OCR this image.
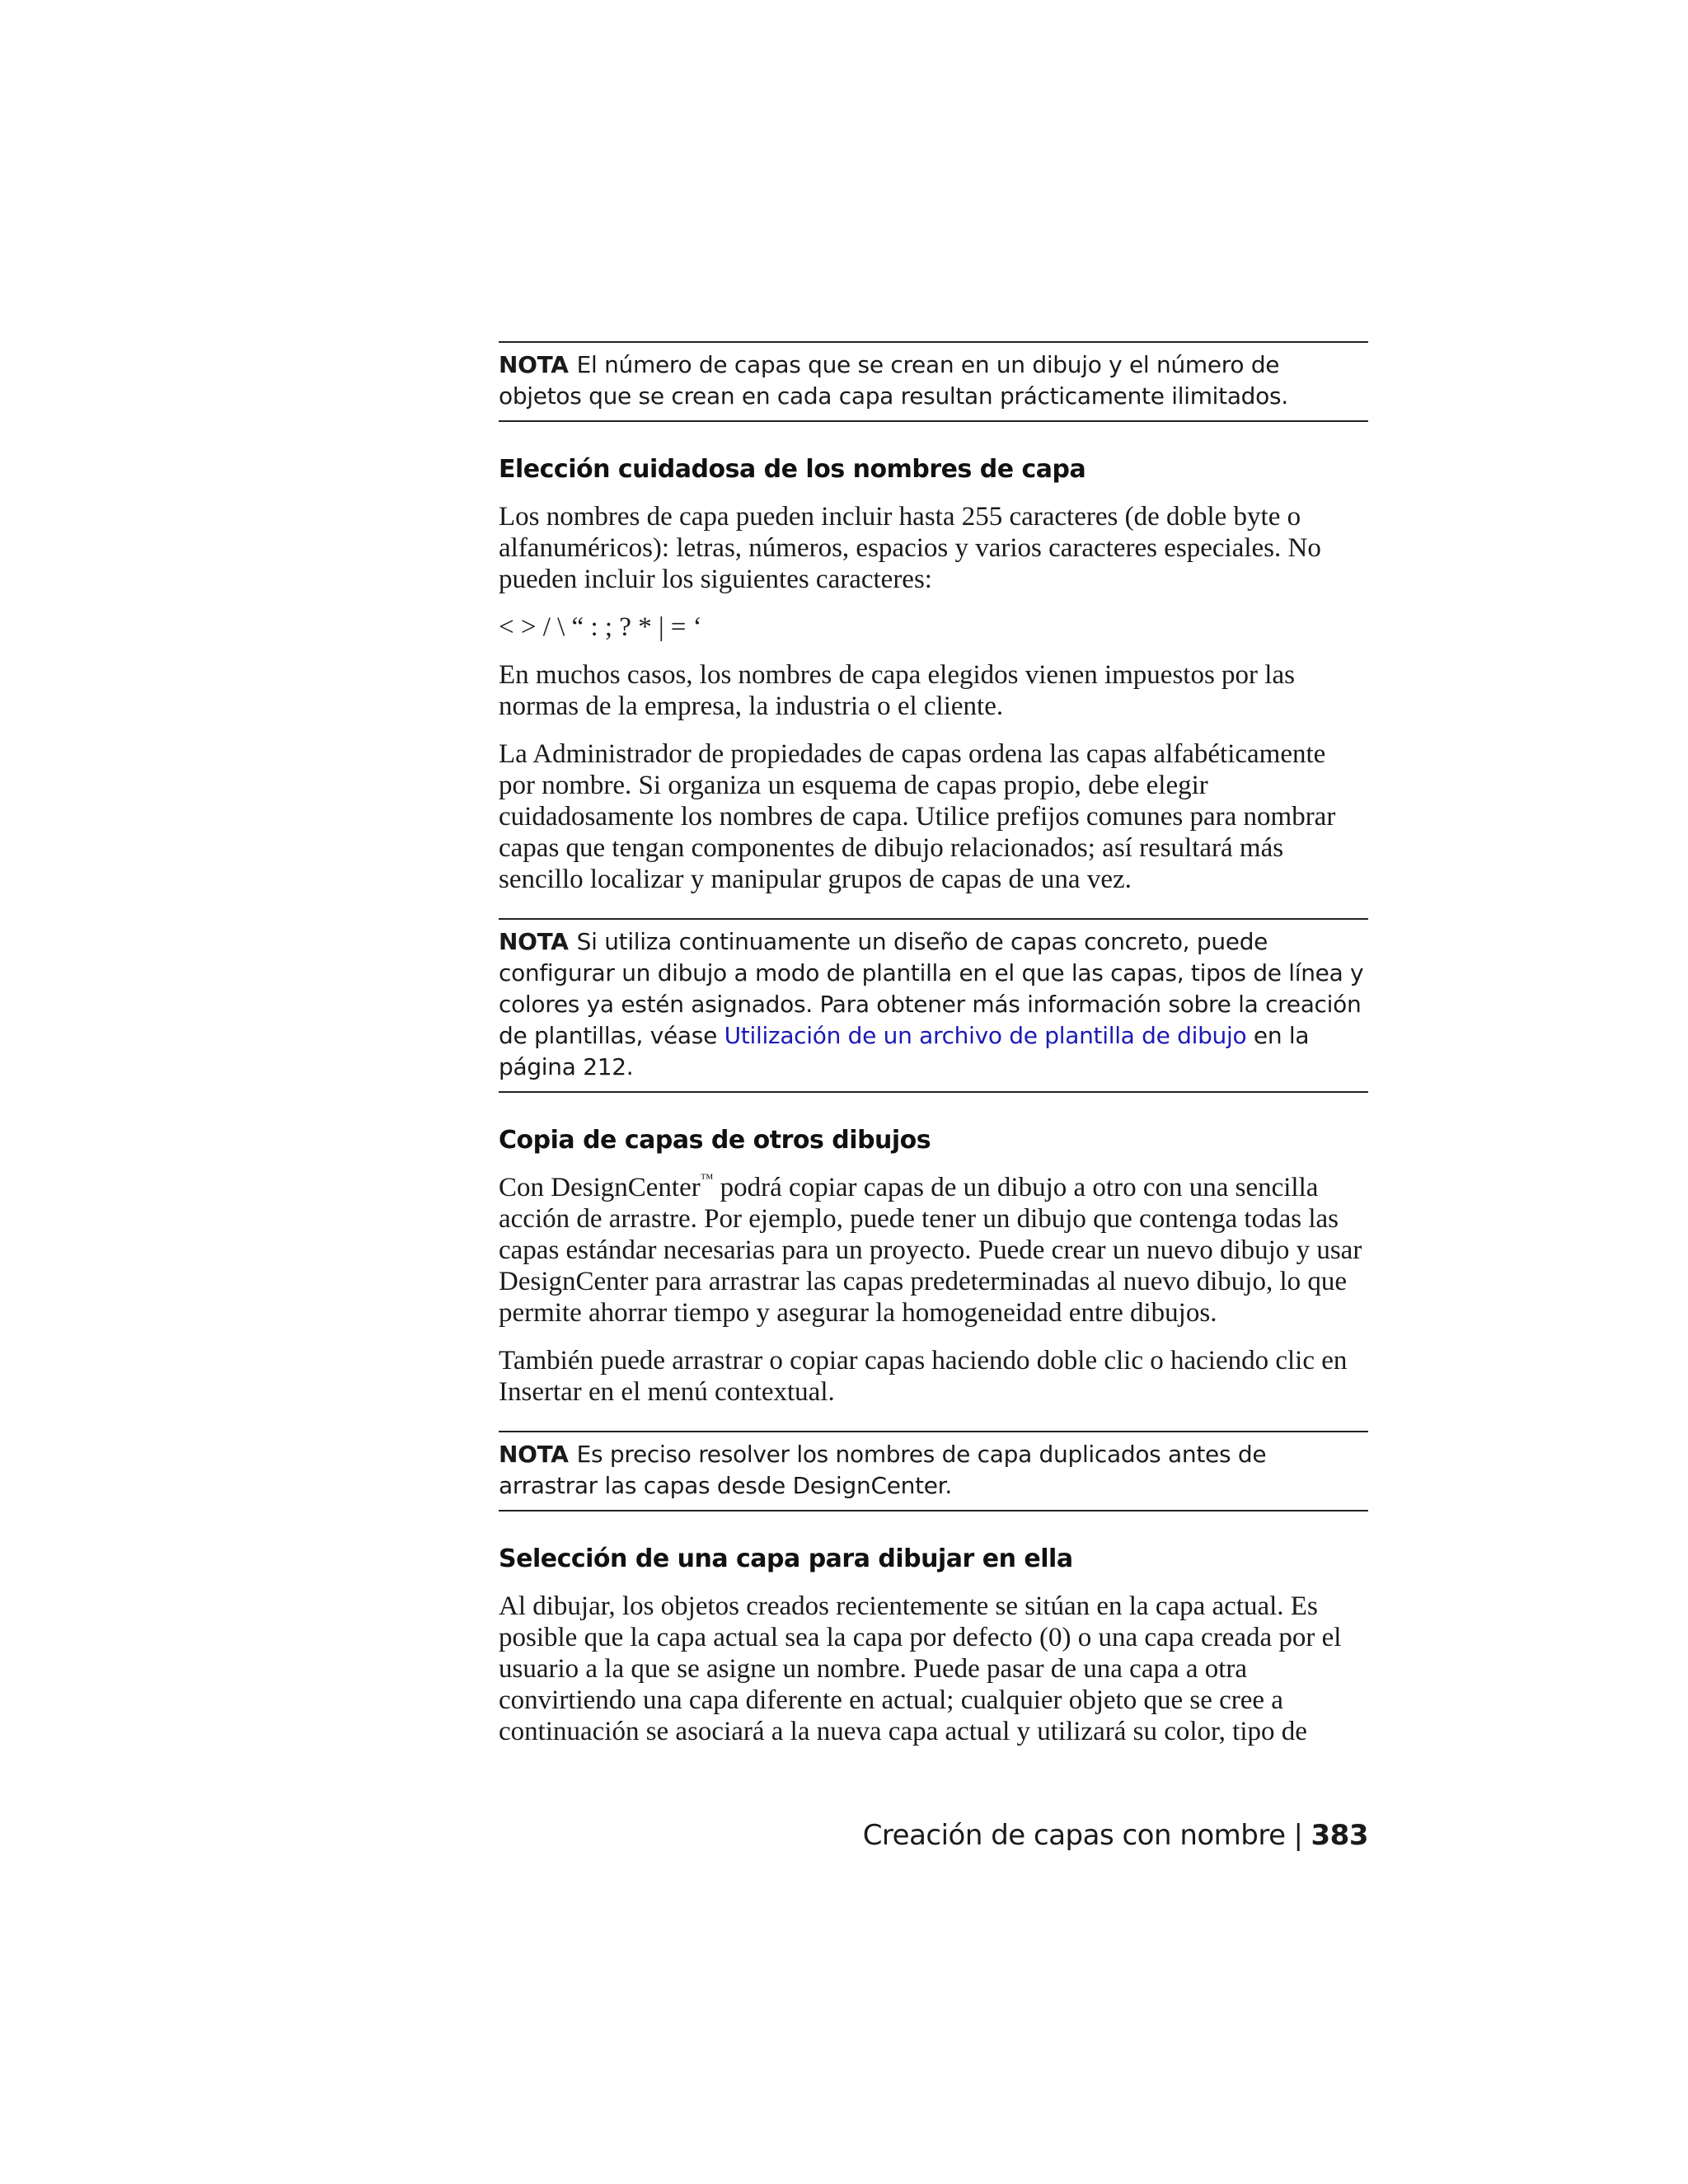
NOTA El número de capas que se crean en un dibujo y el número de objetos que se crean en cada capa resultan prácticamente ilimitados.
Elección cuidadosa de los nombres de capa

Los nombres de capa pueden incluir hasta 255 caracteres (de doble byte o alfanuméricos): letras, números, espacios y varios caracteres especiales. No pueden incluir los siguientes caracteres:

< > / \ “ : ; ? * | = ‘

En muchos casos, los nombres de capa elegidos vienen impuestos por las normas de la empresa, la industria o el cliente.

La Administrador de propiedades de capas ordena las capas alfabéticamente por nombre. Si organiza un esquema de capas propio, debe elegir cuidadosamente los nombres de capa. Utilice prefijos comunes para nombrar capas que tengan componentes de dibujo relacionados; así resultará más sencillo localizar y manipular grupos de capas de una vez.

NOTA Si utiliza continuamente un diseño de capas concreto, puede configurar un dibujo a modo de plantilla en el que las capas, tipos de línea y colores ya estén asignados. Para obtener más información sobre la creación de plantillas, véase Utilización de un archivo de plantilla de dibujo en la página 212.
Copia de capas de otros dibujos

Con DesignCenter™ podrá copiar capas de un dibujo a otro con una sencilla acción de arrastre. Por ejemplo, puede tener un dibujo que contenga todas las capas estándar necesarias para un proyecto. Puede crear un nuevo dibujo y usar DesignCenter para arrastrar las capas predeterminadas al nuevo dibujo, lo que permite ahorrar tiempo y asegurar la homogeneidad entre dibujos.

También puede arrastrar o copiar capas haciendo doble clic o haciendo clic en Insertar en el menú contextual.

NOTA Es preciso resolver los nombres de capa duplicados antes de arrastrar las capas desde DesignCenter.
Selección de una capa para dibujar en ella

Al dibujar, los objetos creados recientemente se sitúan en la capa actual. Es posible que la capa actual sea la capa por defecto (0) o una capa creada por el usuario a la que se asigne un nombre. Puede pasar de una capa a otra convirtiendo una capa diferente en actual; cualquier objeto que se cree a continuación se asociará a la nueva capa actual y utilizará su color, tipo de

Creación de capas con nombre | 383
